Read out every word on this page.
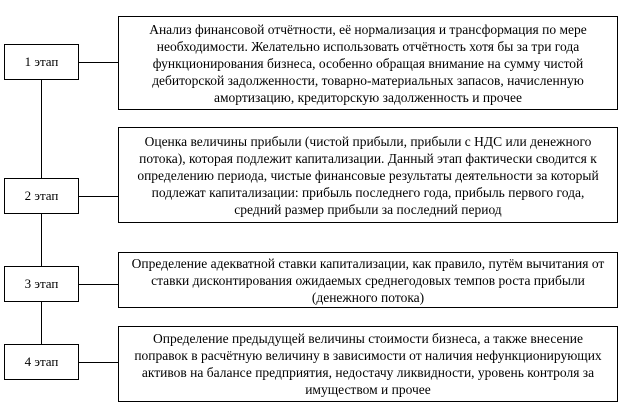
1 этап
Анализ финансовой отчётности, её нормализация и трансформация по мере необходимости. Желательно использовать отчётность хотя бы за три года функционирования бизнеса, особенно обращая внимание на сумму чистой дебиторской задолженности, товарно-материальных запасов, начисленную амортизацию, кредиторскую задолженность и прочее
2 этап
Оценка величины прибыли (чистой прибыли, прибыли с НДС или денежного потока), которая подлежит капитализации. Данный этап фактически сводится к определению периода, чистые финансовые результаты деятельности за который подлежат капитализации: прибыль последнего года, прибыль первого года, средний размер прибыли за последний период
3 этап
Определение адекватной ставки капитализации, как правило, путём вычитания от ставки дисконтирования ожидаемых среднегодовых темпов роста прибыли (денежного потока)
4 этап
Определение предыдущей величины стоимости бизнеса, а также внесение поправок в расчётную величину в зависимости от наличия нефункционирующих активов на балансе предприятия, недостачу ликвидности, уровень контроля за имуществом и прочее
